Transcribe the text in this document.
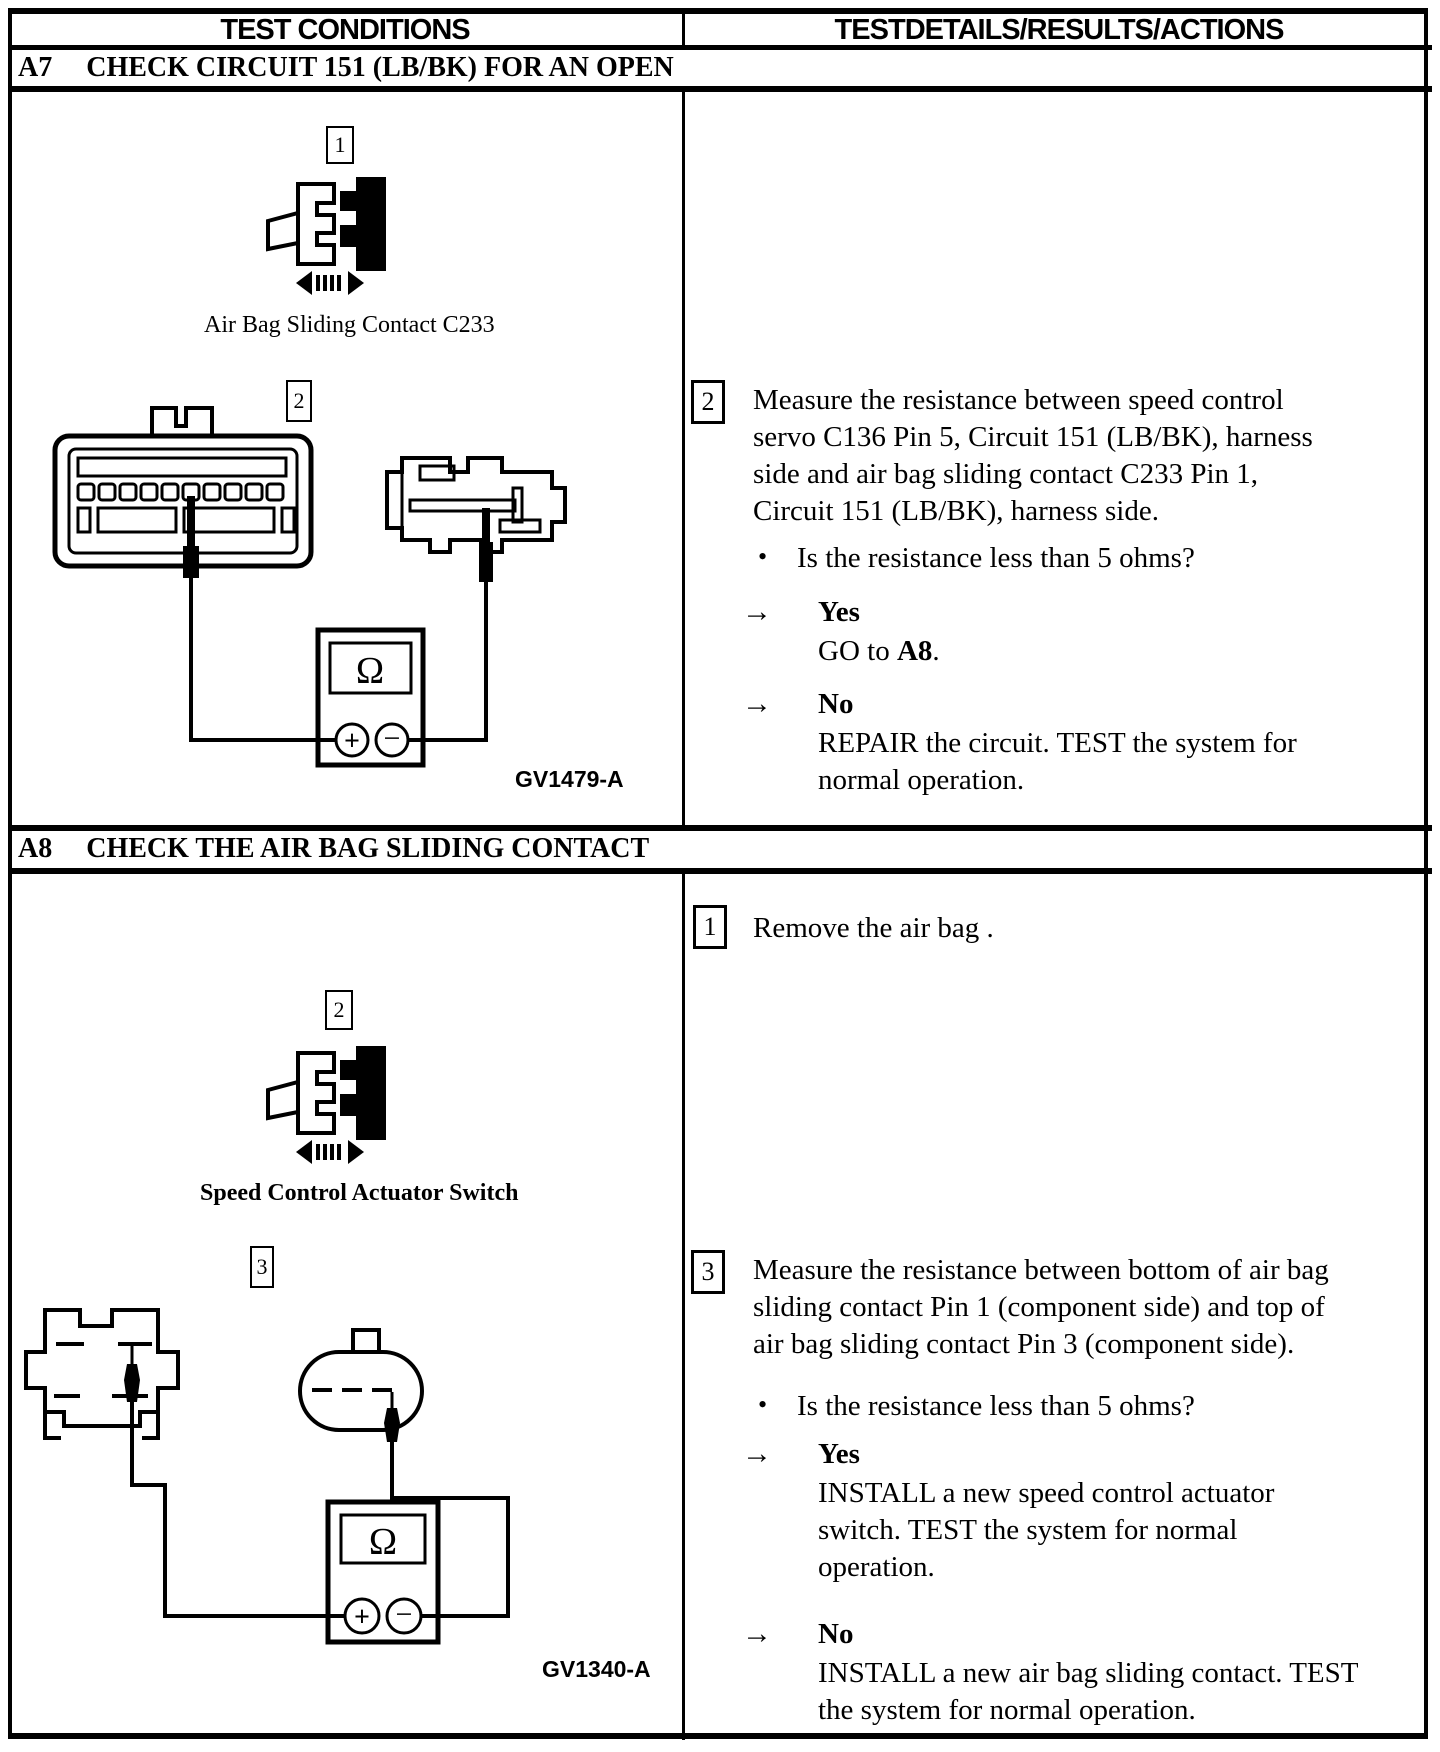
TEST CONDITIONS	TEST DETAILS/RESULTS/ACTIONS
A7 CHECK CIRCUIT 151 (LB/BK) FOR AN OPEN
1
Air Bag Sliding Contact C233
2
Ω
+ −
GV1479-A
2	Measure the resistance between speed control servo C136 Pin 5, Circuit 151 (LB/BK), harness side and air bag sliding contact C233 Pin 1, Circuit 151 (LB/BK), harness side.
• Is the resistance less than 5 ohms?
→ Yes
GO to A8.
→ No
REPAIR the circuit. TEST the system for normal operation.
A8 CHECK THE AIR BAG SLIDING CONTACT
1	Remove the air bag .
2
Speed Control Actuator Switch
3
Ω
+ −
GV1340-A
3	Measure the resistance between bottom of air bag sliding contact Pin 1 (component side) and top of air bag sliding contact Pin 3 (component side).
• Is the resistance less than 5 ohms?
→ Yes
INSTALL a new speed control actuator switch. TEST the system for normal operation.
→ No
INSTALL a new air bag sliding contact. TEST the system for normal operation.
